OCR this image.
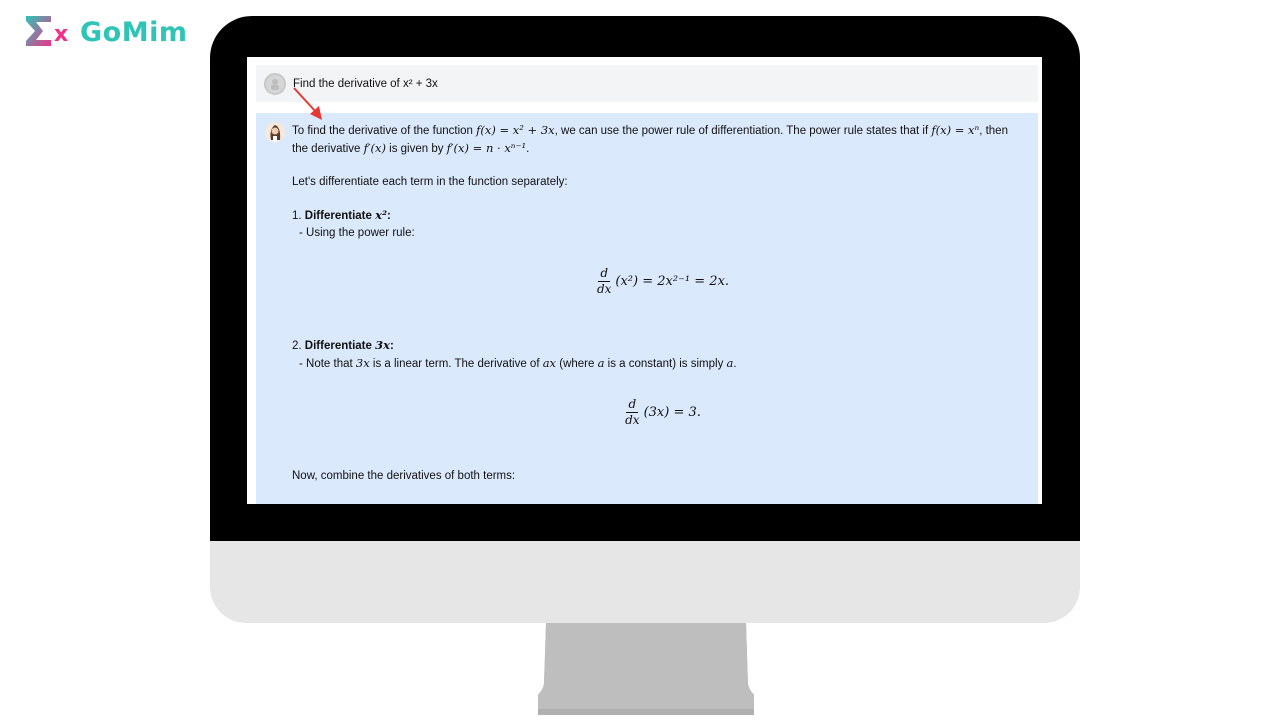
x GoMim
Find the derivative of x² + 3x

To find the derivative of the function f(x) = x² + 3x, we can use the power rule of differentiation. The power rule states that if f(x) = xⁿ, then
the derivative f′(x) is given by f′(x) = n · xⁿ⁻¹.

Let's differentiate each term in the function separately:

1. Differentiate x²:

- Using the power rule:

$\frac{d}{dx} (x^2) = 2x^{2-1} = 2x$.

2. Differentiate 3x:

- Note that 3x is a linear term. The derivative of ax (where a is a constant) is simply a.

$\frac{d}{dx} (3x) = 3$.

Now, combine the derivatives of both terms:
